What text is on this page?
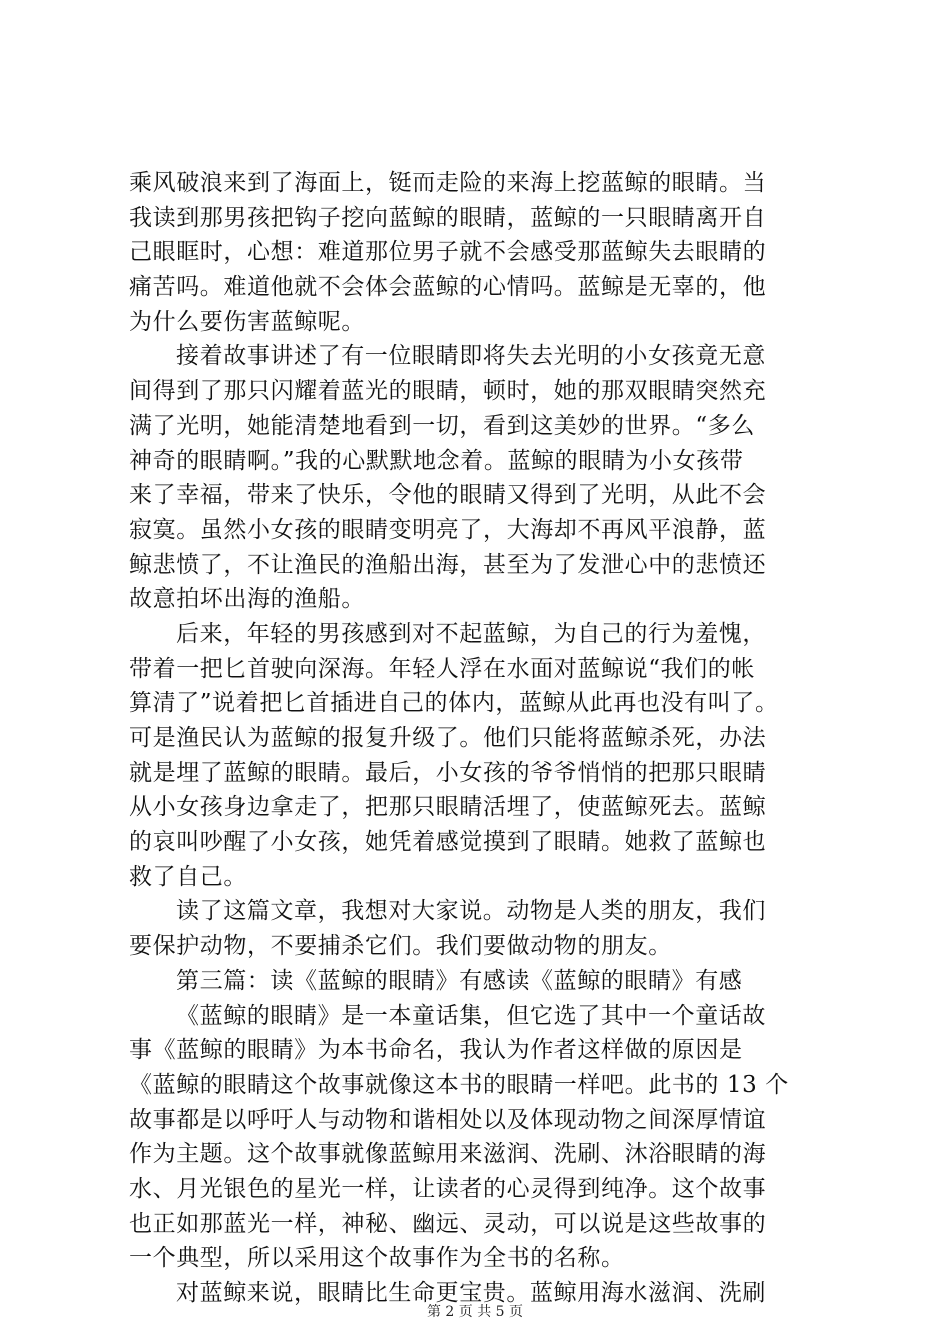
乘风破浪来到了海面上，铤而走险的来海上挖蓝鲸的眼睛。当
我读到那男孩把钩子挖向蓝鲸的眼睛，蓝鲸的一只眼睛离开自
己眼眶时，心想：难道那位男子就不会感受那蓝鲸失去眼睛的
痛苦吗。难道他就不会体会蓝鲸的心情吗。蓝鲸是无辜的，他
为什么要伤害蓝鲸呢。
接着故事讲述了有一位眼睛即将失去光明的小女孩竟无意
间得到了那只闪耀着蓝光的眼睛，顿时，她的那双眼睛突然充
满了光明，她能清楚地看到一切，看到这美妙的世界。“多么
神奇的眼睛啊。”我的心默默地念着。蓝鲸的眼睛为小女孩带
来了幸福，带来了快乐，令他的眼睛又得到了光明，从此不会
寂寞。虽然小女孩的眼睛变明亮了，大海却不再风平浪静，蓝
鲸悲愤了，不让渔民的渔船出海，甚至为了发泄心中的悲愤还
故意拍坏出海的渔船。
后来，年轻的男孩感到对不起蓝鲸，为自己的行为羞愧，
带着一把匕首驶向深海。年轻人浮在水面对蓝鲸说“我们的帐
算清了”说着把匕首插进自己的体内，蓝鲸从此再也没有叫了。
可是渔民认为蓝鲸的报复升级了。他们只能将蓝鲸杀死，办法
就是埋了蓝鲸的眼睛。最后，小女孩的爷爷悄悄的把那只眼睛
从小女孩身边拿走了，把那只眼睛活埋了，使蓝鲸死去。蓝鲸
的哀叫吵醒了小女孩，她凭着感觉摸到了眼睛。她救了蓝鲸也
救了自己。
读了这篇文章，我想对大家说。动物是人类的朋友，我们
要保护动物，不要捕杀它们。我们要做动物的朋友。
第三篇：读《蓝鲸的眼睛》有感读《蓝鲸的眼睛》有感
《蓝鲸的眼睛》是一本童话集，但它选了其中一个童话故
事《蓝鲸的眼睛》为本书命名，我认为作者这样做的原因是
《蓝鲸的眼睛这个故事就像这本书的眼睛一样吧。此书的 13 个
故事都是以呼吁人与动物和谐相处以及体现动物之间深厚情谊
作为主题。这个故事就像蓝鲸用来滋润、洗刷、沐浴眼睛的海
水、月光银色的星光一样，让读者的心灵得到纯净。这个故事
也正如那蓝光一样，神秘、幽远、灵动，可以说是这些故事的
一个典型，所以采用这个故事作为全书的名称。
对蓝鲸来说，眼睛比生命更宝贵。蓝鲸用海水滋润、洗刷
第 2 页 共 5 页
